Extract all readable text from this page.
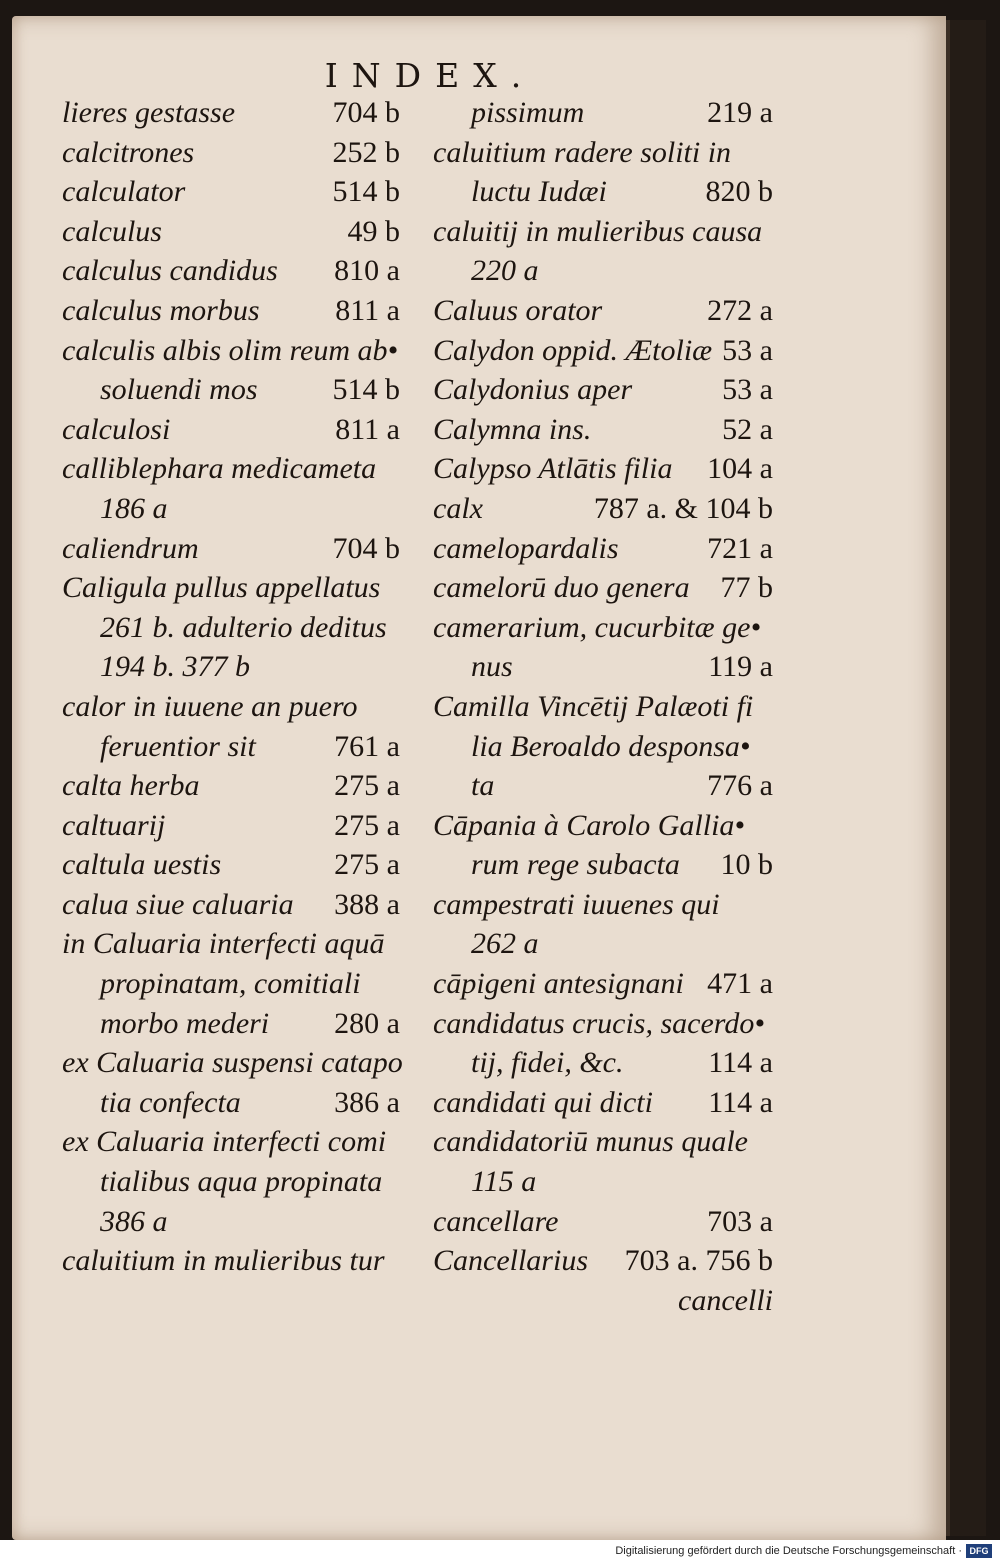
INDEX.
lieres gestasse	704 b
calcitrones	252 b
calculator	514 b
calculus	49 b
calculus candidus 810 a
calculus morbus	811 a
calculis albis olim reum ab•
soluendi mos	514 b
calculosi	811 a
calliblephara medicameta
186 a
caliendrum	704 b
Caligula pullus appellatus
261 b. adulterio deditus
194 b. 377 b
calor in iuuene an puero
feruentior sit	761 a
calta herba	275 a
caltuarij	275 a
caltula uestis	275 a
calua siue caluaria 388 a
in Caluaria interfecti aquā
propinatam, comitiali
morbo mederi 280 a
ex Caluaria suspensi catapo
tia confecta	386 a
ex Caluaria interfecti comi
tialibus aqua propinata
386 a
caluitium in mulieribus tur
pissimum	219 a
caluitium radere soliti in
luctu Iudæi	820 b
caluitij in mulieribus causa
220 a
Caluus orator	272 a
Calydon oppid. Ætoliæ 53 a
Calydonius aper	53 a
Calymna ins.	52 a
Calypso Atlātis filia 104 a
calx	787 a. & 104 b
camelopardalis	721 a
camelorū duo genera 77 b
camerarium, cucurbitæ ge•
nus	119 a
Camilla Vincētij Palæoti fi
lia Beroaldo desponsa•
ta	776 a
Cāpania à Carolo Gallia•
rum rege subacta 10 b
campestrati iuuenes qui
262 a
cāpigeni antesignani 471 a
candidatus crucis, sacerdo•
tij, fidei, &c.	114 a
candidati qui dicti 114 a
candidatoriū munus quale
115 a
cancellare	703 a
Cancellarius 703 a. 756 b
cancelli
Digitalisierung gefördert durch die Deutsche Forschungsgemeinschaft · DFG
